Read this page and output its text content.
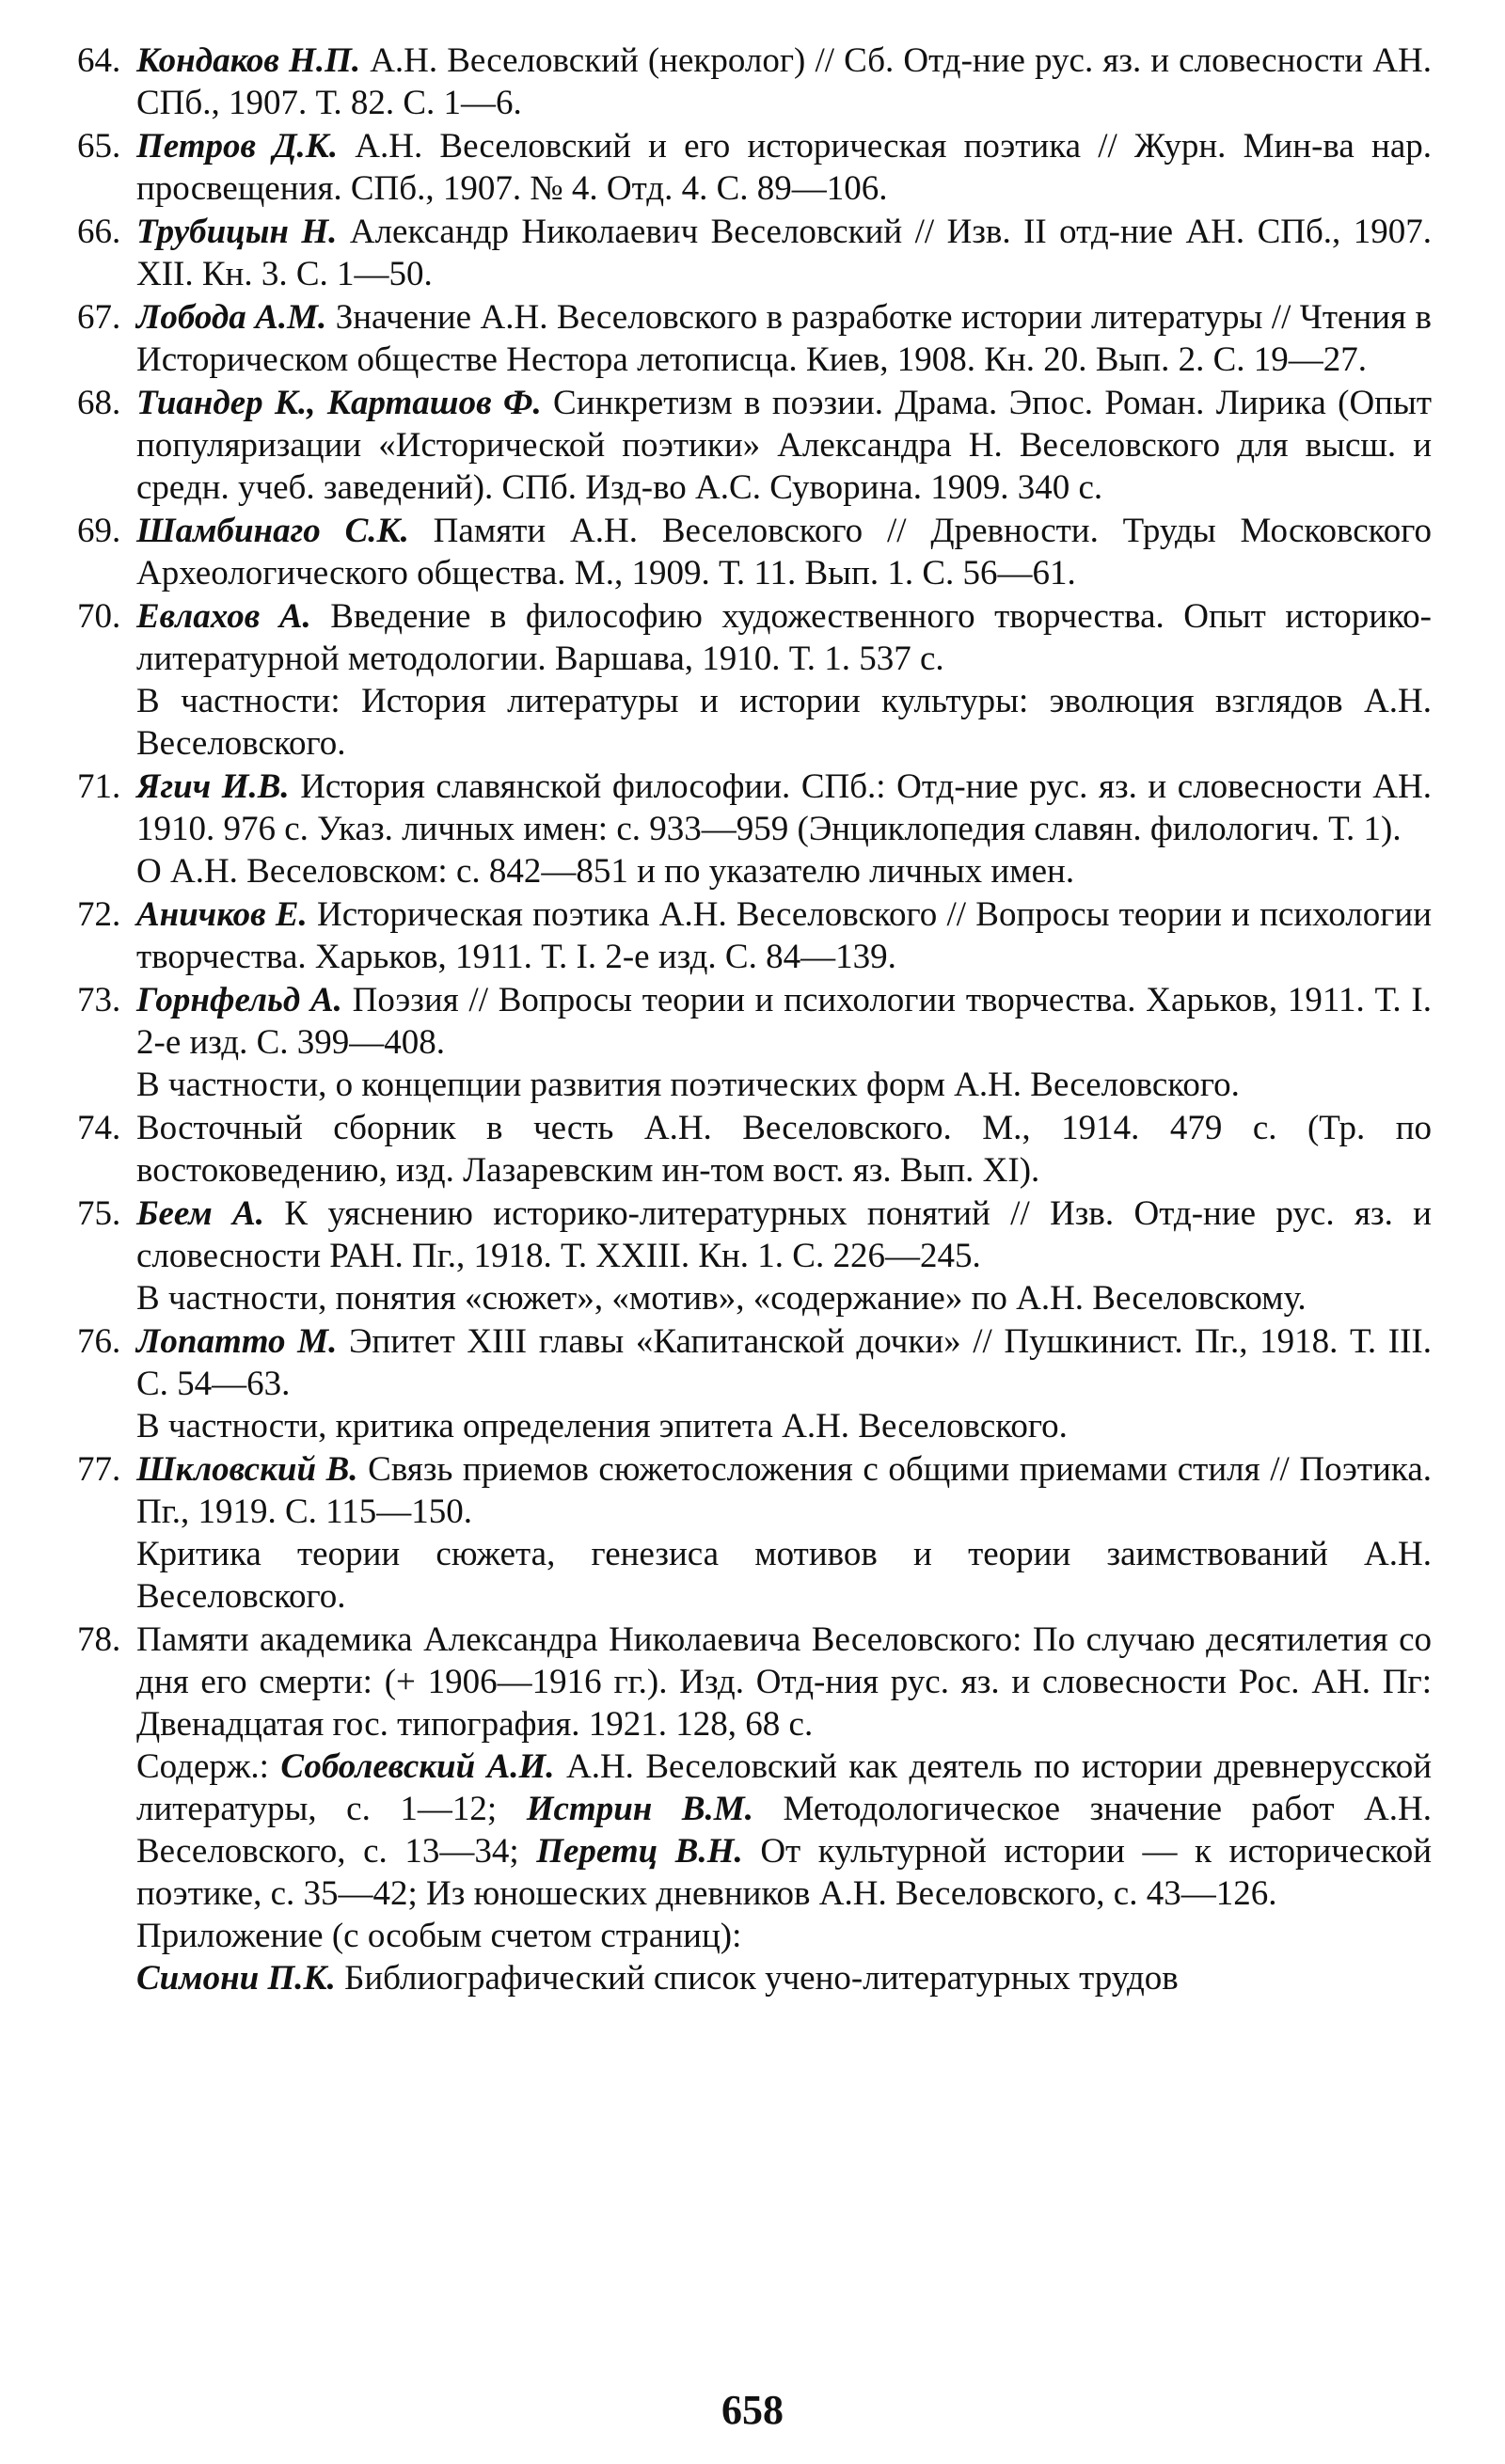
64. Кондаков Н.П. А.Н. Веселовский (некролог) // Сб. Отд-ние рус. яз. и словесности АН. СПб., 1907. Т. 82. С. 1—6.

65. Петров Д.К. А.Н. Веселовский и его историческая поэтика // Журн. Мин-ва нар. просвещения. СПб., 1907. № 4. Отд. 4. С. 89—106.

66. Трубицын Н. Александр Николаевич Веселовский // Изв. II отд-ние АН. СПб., 1907. XII. Кн. 3. С. 1—50.

67. Лобода А.М. Значение А.Н. Веселовского в разработке истории литературы // Чтения в Историческом обществе Нестора летописца. Киев, 1908. Кн. 20. Вып. 2. С. 19—27.

68. Тиандер К., Карташов Ф. Синкретизм в поэзии. Драма. Эпос. Роман. Лирика (Опыт популяризации «Исторической поэтики» Александра Н. Веселовского для высш. и средн. учеб. заведений). СПб. Изд-во А.С. Суворина. 1909. 340 с.

69. Шамбинаго С.К. Памяти А.Н. Веселовского // Древности. Труды Московского Археологического общества. М., 1909. Т. 11. Вып. 1. С. 56—61.

70. Евлахов А. Введение в философию художественного творчества. Опыт историко-литературной методологии. Варшава, 1910. Т. 1. 537 с.

В частности: История литературы и истории культуры: эволюция взглядов А.Н. Веселовского.
71. Ягич И.В. История славянской философии. СПб.: Отд-ние рус. яз. и словесности АН. 1910. 976 с. Указ. личных имен: с. 933—959 (Энциклопедия славян. филологич. Т. 1).

О А.Н. Веселовском: с. 842—851 и по указателю личных имен.
72. Аничков Е. Историческая поэтика А.Н. Веселовского // Вопросы теории и психологии творчества. Харьков, 1911. Т. I. 2-е изд. С. 84—139.

73. Горнфельд А. Поэзия // Вопросы теории и психологии творчества. Харьков, 1911. Т. I. 2-е изд. С. 399—408.

В частности, о концепции развития поэтических форм А.Н. Веселовского.
74. Восточный сборник в честь А.Н. Веселовского. М., 1914. 479 с. (Тр. по востоковедению, изд. Лазаревским ин-том вост. яз. Вып. XI).

75. Беем А. К уяснению историко-литературных понятий // Изв. Отд-ние рус. яз. и словесности РАН. Пг., 1918. Т. XXIII. Кн. 1. С. 226—245.

В частности, понятия «сюжет», «мотив», «содержание» по А.Н. Веселовскому.
76. Лопатто М. Эпитет XIII главы «Капитанской дочки» // Пушкинист. Пг., 1918. Т. III. С. 54—63.

В частности, критика определения эпитета А.Н. Веселовского.
77. Шкловский В. Связь приемов сюжетосложения с общими приемами стиля // Поэтика. Пг., 1919. С. 115—150.

Критика теории сюжета, генезиса мотивов и теории заимствований А.Н. Веселовского.
78. Памяти академика Александра Николаевича Веселовского: По случаю десятилетия со дня его смерти: (+ 1906—1916 гг.). Изд. Отд-ния рус. яз. и словесности Рос. АН. Пг: Двенадцатая гос. типография. 1921. 128, 68 с.

Содерж.: Соболевский А.И. А.Н. Веселовский как деятель по истории древнерусской литературы, с. 1—12; Истрин В.М. Методологическое значение работ А.Н. Веселовского, с. 13—34; Перетц В.Н. От культурной истории — к исторической поэтике, с. 35—42; Из юношеских дневников А.Н. Веселовского, с. 43—126.

Приложение (с особым счетом страниц):

Симони П.К. Библиографический список учено-литературных трудов

658
